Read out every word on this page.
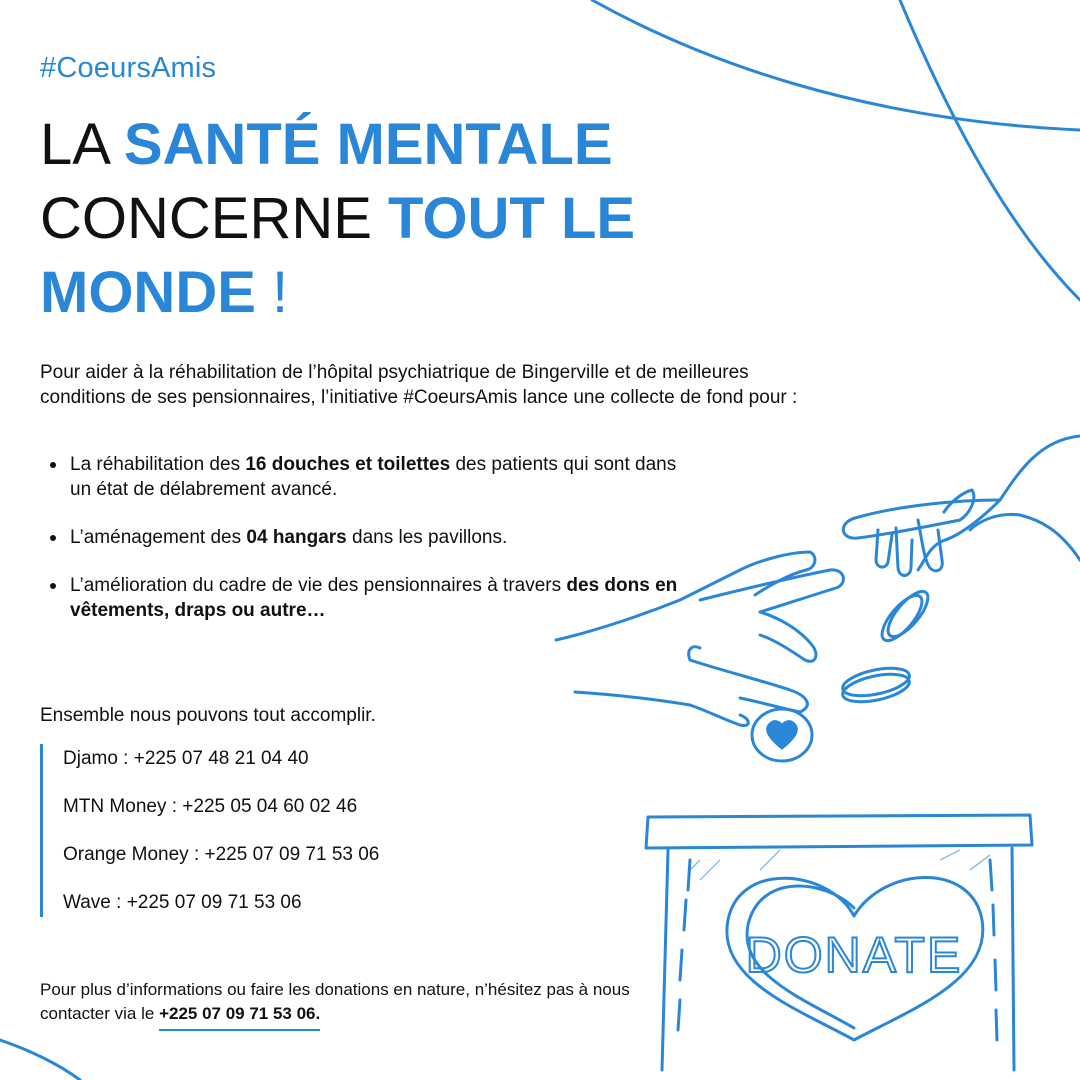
DONATE
#CoeursAmis
LA SANTÉ MENTALE
CONCERNE TOUT LE
MONDE !

Pour aider à la réhabilitation de l’hôpital psychiatrique de Bingerville et de meilleures conditions de ses pensionnaires, l’initiative #CoeursAmis lance une collecte de fond pour :

La réhabilitation des 16 douches et toilettes des patients qui sont dans un état de délabrement avancé.
L’aménagement des 04 hangars dans les pavillons.
L’amélioration du cadre de vie des pensionnaires à travers des dons en vêtements, draps ou autre…
Ensemble nous pouvons tout accomplir.
Djamo : +225 07 48 21 04 40
MTN Money : +225 05 04 60 02 46
Orange Money : +225 07 09 71 53 06
Wave : +225 07 09 71 53 06
Pour plus d’informations ou faire les donations en nature, n’hésitez pas à nous contacter via le +225 07 09 71 53 06.
